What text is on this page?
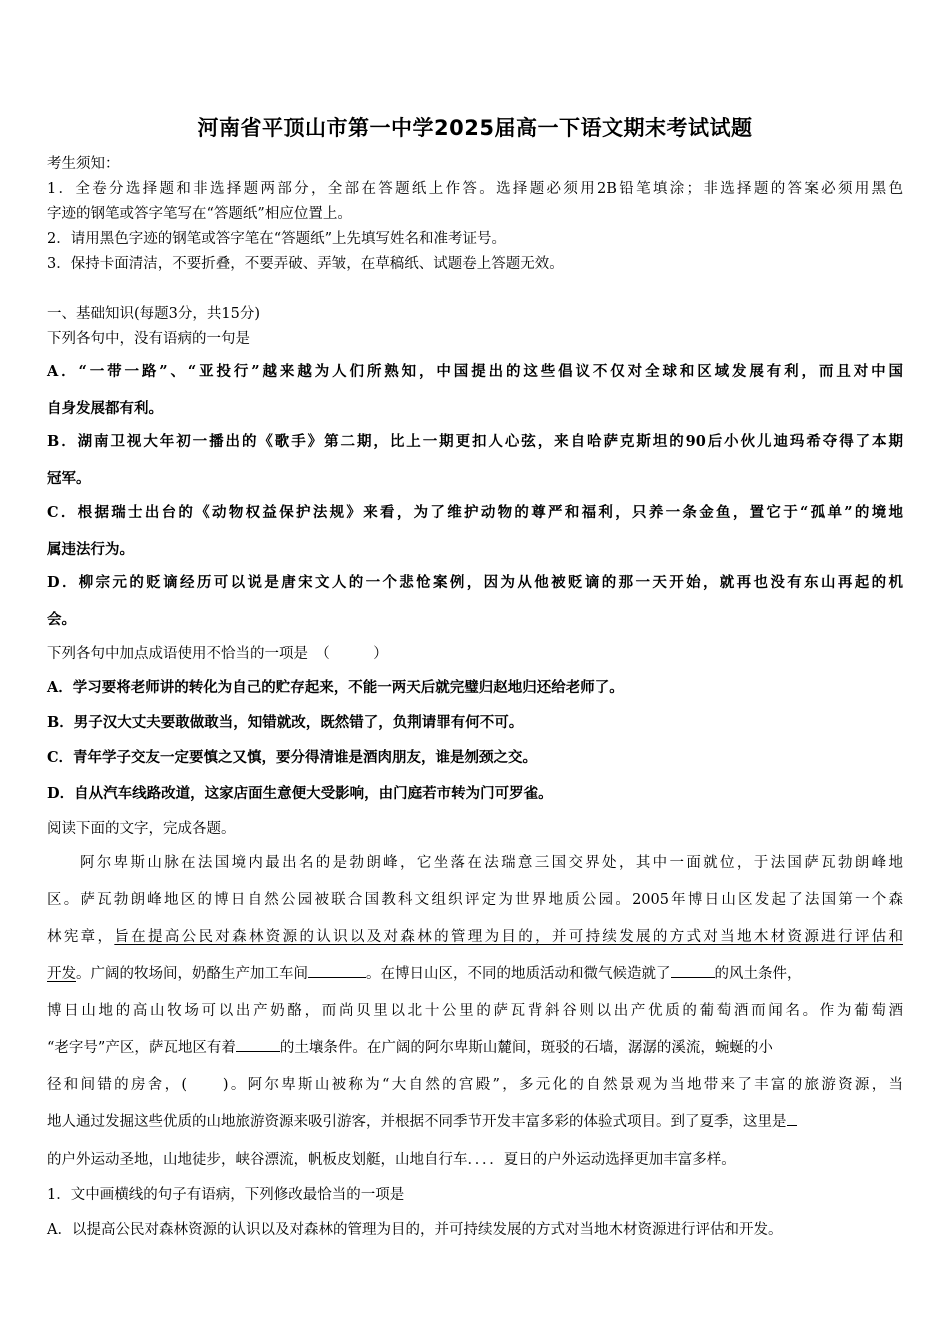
河南省平顶山市第一中学2025届高一下语文期末考试试题
考生须知：
1．全卷分选择题和非选择题两部分，全部在答题纸上作答。选择题必须用2B铅笔填涂；非选择题的答案必须用黑色
字迹的钢笔或答字笔写在“答题纸”相应位置上。
2．请用黑色字迹的钢笔或答字笔在“答题纸”上先填写姓名和准考证号。
3．保持卡面清洁，不要折叠，不要弄破、弄皱，在草稿纸、试题卷上答题无效。
一、基础知识(每题3分，共15分)
下列各句中，没有语病的一句是
A．“一带一路”、“亚投行”越来越为人们所熟知，中国提出的这些倡议不仅对全球和区域发展有利，而且对中国
自身发展都有利。
B．湖南卫视大年初一播出的《歌手》第二期，比上一期更扣人心弦，来自哈萨克斯坦的90后小伙儿迪玛希夺得了本期
冠军。
C．根据瑞士出台的《动物权益保护法规》来看，为了维护动物的尊严和福利，只养一条金鱼，置它于“孤单”的境地
属违法行为。
D．柳宗元的贬谪经历可以说是唐宋文人的一个悲怆案例，因为从他被贬谪的那一天开始，就再也没有东山再起的机
会。
下列各句中加点成语使用不恰当的一项是　（　　　）
A．学习要将老师讲的转化为自己的贮存起来，不能一两天后就完璧归赵地归还给老师了。
B．男子汉大丈夫要敢做敢当，知错就改，既然错了，负荆请罪有何不可。
C．青年学子交友一定要慎之又慎，要分得清谁是酒肉朋友，谁是刎颈之交。
D．自从汽车线路改道，这家店面生意便大受影响，由门庭若市转为门可罗雀。
阅读下面的文字，完成各题。
阿尔卑斯山脉在法国境内最出名的是勃朗峰，它坐落在法瑞意三国交界处，其中一面就位，于法国萨瓦勃朗峰地
区。萨瓦勃朗峰地区的博日自然公园被联合国教科文组织评定为世界地质公园。2005年博日山区发起了法国第一个森
林宪章，旨在提高公民对森林资源的认识以及对森林的管理为目的，并可持续发展的方式对当地木材资源进行评估和
开发。广阔的牧场间，奶酪生产加工车间	。在博日山区，不同的地质活动和微气候造就了	的风土条件，
博日山地的高山牧场可以出产奶酪，而尚贝里以北十公里的萨瓦背斜谷则以出产优质的葡萄酒而闻名。作为葡萄酒
“老字号”产区，萨瓦地区有着	的土壤条件。在广阔的阿尔卑斯山麓间，斑驳的石墙，潺潺的溪流，蜿蜒的小
径和间错的房舍，(　　)。阿尔卑斯山被称为“大自然的宫殿”，多元化的自然景观为当地带来了丰富的旅游资源，当
地人通过发掘这些优质的山地旅游资源来吸引游客，并根据不同季节开发丰富多彩的体验式项目。到了夏季，这里是
的户外运动圣地，山地徒步，峡谷漂流，帆板皮划艇，山地自行车．．．．夏日的户外运动选择更加丰富多样。
1．文中画横线的句子有语病，下列修改最恰当的一项是
A．以提高公民对森林资源的认识以及对森林的管理为目的，并可持续发展的方式对当地木材资源进行评估和开发。
